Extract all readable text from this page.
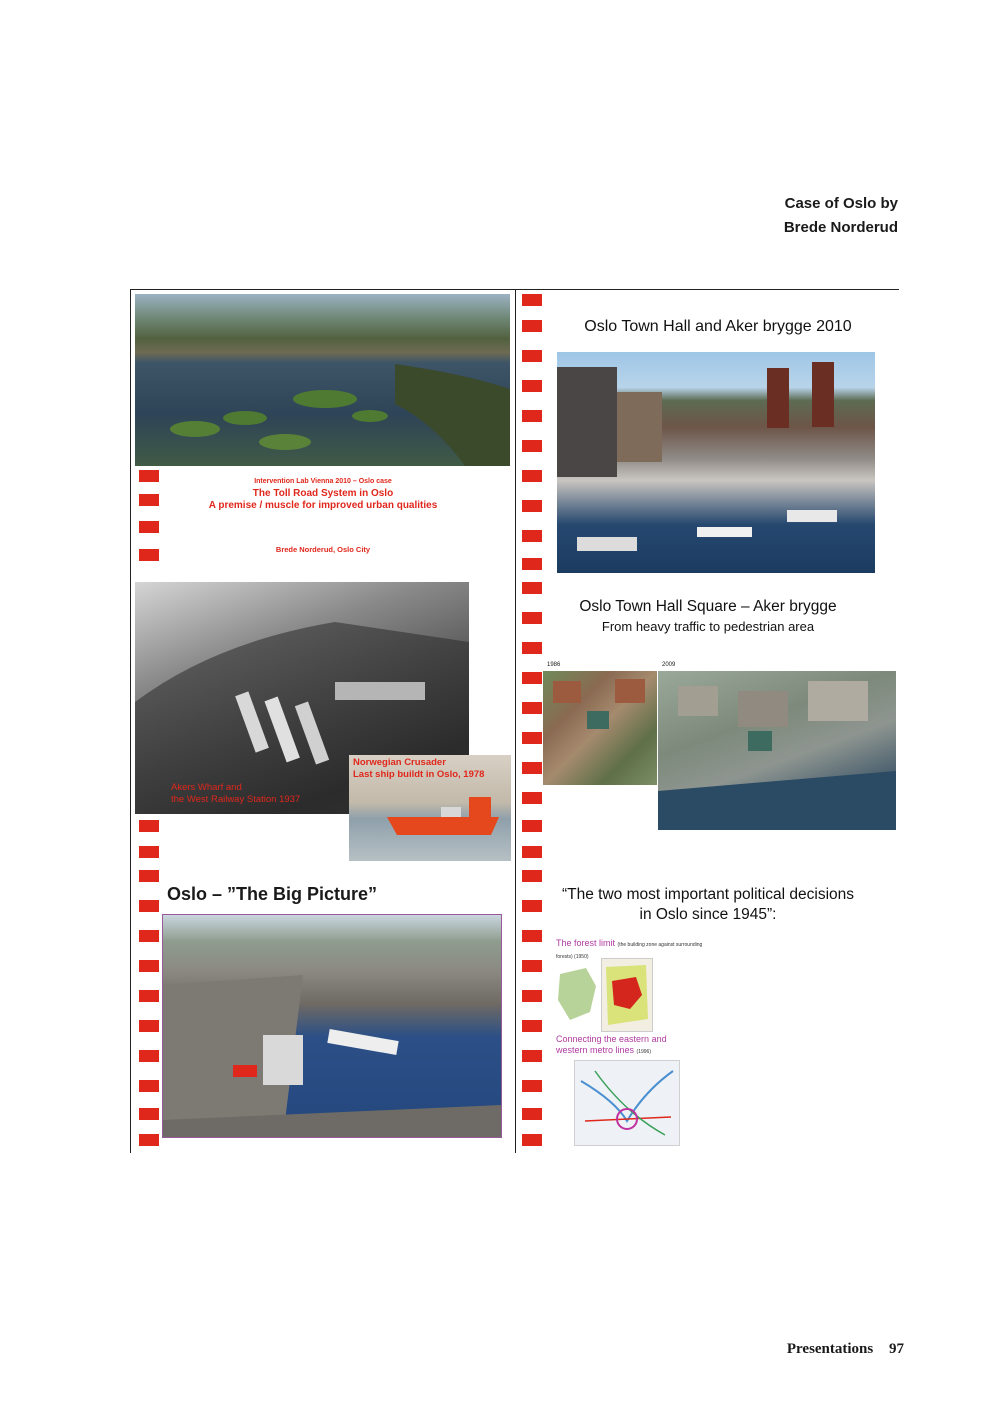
Case of Oslo by
Brede Norderud
Intervention Lab Vienna 2010 – Oslo case
The Toll Road System in Oslo
A premise / muscle for improved urban qualities
Brede Norderud, Oslo City
Oslo Town Hall and Aker brygge 2010
Akers Wharf and
the West Railway Station 1937
Norwegian Crusader
Last ship buildt in Oslo, 1978
Oslo Town Hall Square – Aker brygge
From heavy traffic to pedestrian area
1986	2009
Oslo – ”The Big Picture”	“The two most important political decisions
in Oslo since 1945”:
The forest limit (the building zone against surrounding forests) (1950)
Connecting the eastern and
western metro lines (1996)
Presentations 97
